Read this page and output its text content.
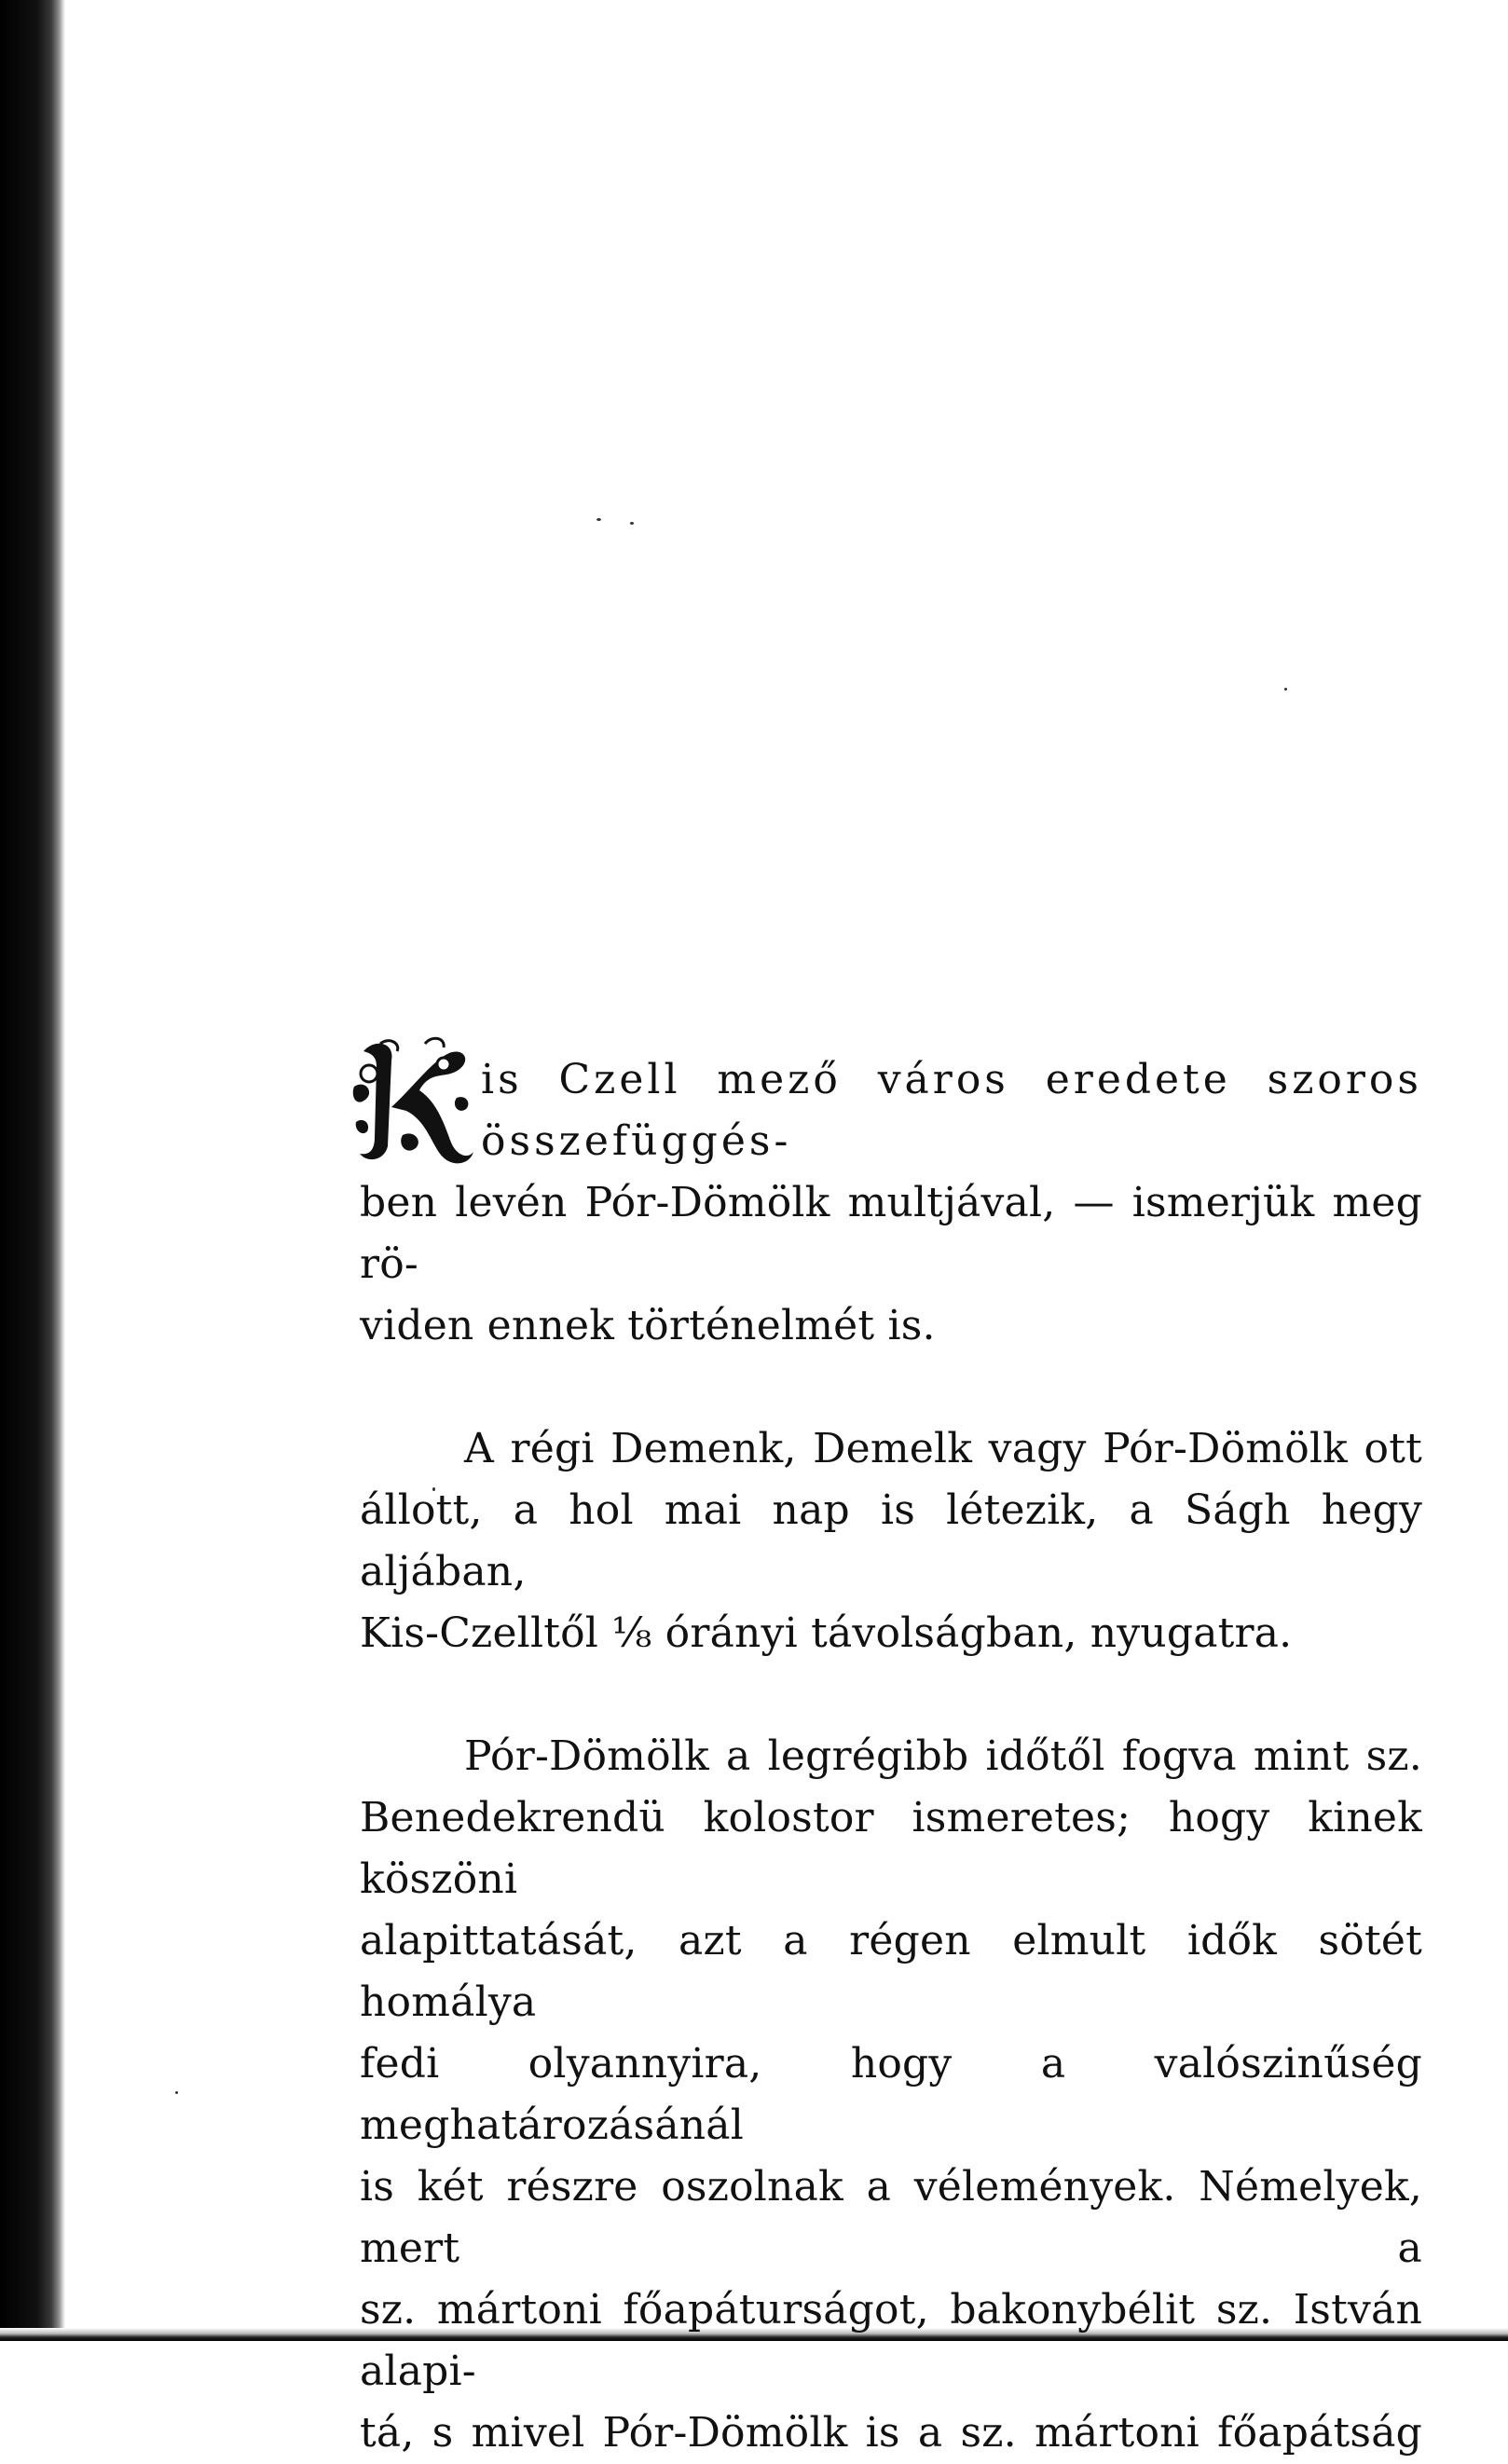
is Czell mező város eredete szoros összefüggés-
ben levén Pór-Dömölk multjával, — ismerjük meg rö-
viden ennek történelmét is.
A régi Demenk, Demelk vagy Pór-Dömölk ott
állott, a hol mai nap is létezik, a Ságh hegy aljában,
Kis-Czelltől ¹⁄₈ órányi távolságban, nyugatra.
Pór-Dömölk a legrégibb időtől fogva mint sz.
Benedekrendü kolostor ismeretes; hogy kinek köszöni
alapittatását, azt a régen elmult idők sötét homálya
fedi olyannyira, hogy a valószinűség meghatározásánál
is két részre oszolnak a vélemények. Némelyek, mert a
sz. mártoni főapáturságot, bakonybélit sz. István alapi-
tá, s mivel Pór-Dömölk is a sz. mártoni főapátság
